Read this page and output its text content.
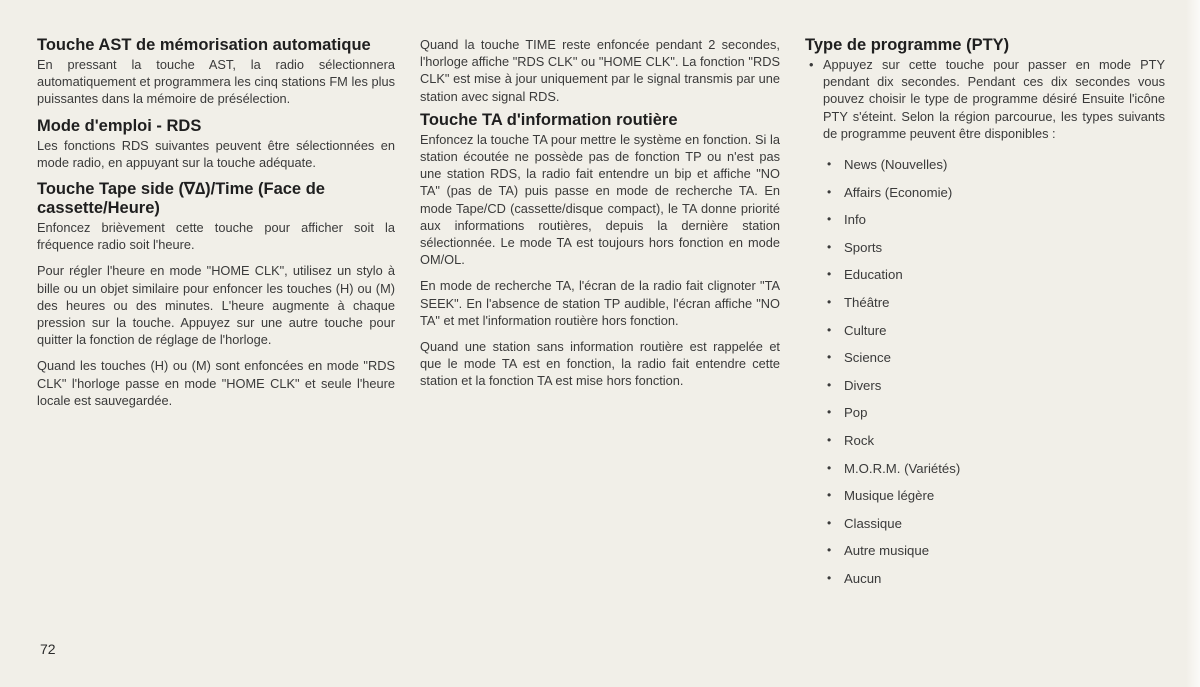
Touche AST de mémorisation automatique
En pressant la touche AST, la radio sélectionnera automatiquement et programmera les cinq stations FM les plus puissantes dans la mémoire de présélection.
Mode d'emploi - RDS
Les fonctions RDS suivantes peuvent être sélectionnées en mode radio, en appuyant sur la touche adéquate.
Touche Tape side (∇∆)/Time (Face de cassette/Heure)
Enfoncez brièvement cette touche pour afficher soit la fréquence radio soit l'heure.
Pour régler l'heure en mode "HOME CLK", utilisez un stylo à bille ou un objet similaire pour enfoncer les touches (H) ou (M) des heures ou des minutes. L'heure augmente à chaque pression sur la touche. Appuyez sur une autre touche pour quitter la fonction de réglage de l'horloge.
Quand les touches (H) ou (M) sont enfoncées en mode "RDS CLK" l'horloge passe en mode "HOME CLK" et seule l'heure locale est sauvegardée.
Quand la touche TIME reste enfoncée pendant 2 secondes, l'horloge affiche "RDS CLK" ou "HOME CLK". La fonction "RDS CLK" est mise à jour uniquement par le signal transmis par une station avec signal RDS.
Touche TA d'information routière
Enfoncez la touche TA pour mettre le système en fonction. Si la station écoutée ne possède pas de fonction TP ou n'est pas une station RDS, la radio fait entendre un bip et affiche "NO TA" (pas de TA) puis passe en mode de recherche TA. En mode Tape/CD (cassette/disque compact), le TA donne priorité aux informations routières, depuis la dernière station sélectionnée. Le mode TA est toujours hors fonction en mode OM/OL.
En mode de recherche TA, l'écran de la radio fait clignoter "TA SEEK". En l'absence de station TP audible, l'écran affiche "NO TA" et met l'information routière hors fonction.
Quand une station sans information routière est rappelée et que le mode TA est en fonction, la radio fait entendre cette station et la fonction TA est mise hors fonction.
Type de programme (PTY)
• Appuyez sur cette touche pour passer en mode PTY pendant dix secondes. Pendant ces dix secondes vous pouvez choisir le type de programme désiré Ensuite l'icône PTY s'éteint. Selon la région parcourue, les types suivants de programme peuvent être disponibles :
• News (Nouvelles)
• Affairs (Economie)
• Info
• Sports
• Education
• Théâtre
• Culture
• Science
• Divers
• Pop
• Rock
• M.O.R.M. (Variétés)
• Musique légère
• Classique
• Autre musique
• Aucun
72
